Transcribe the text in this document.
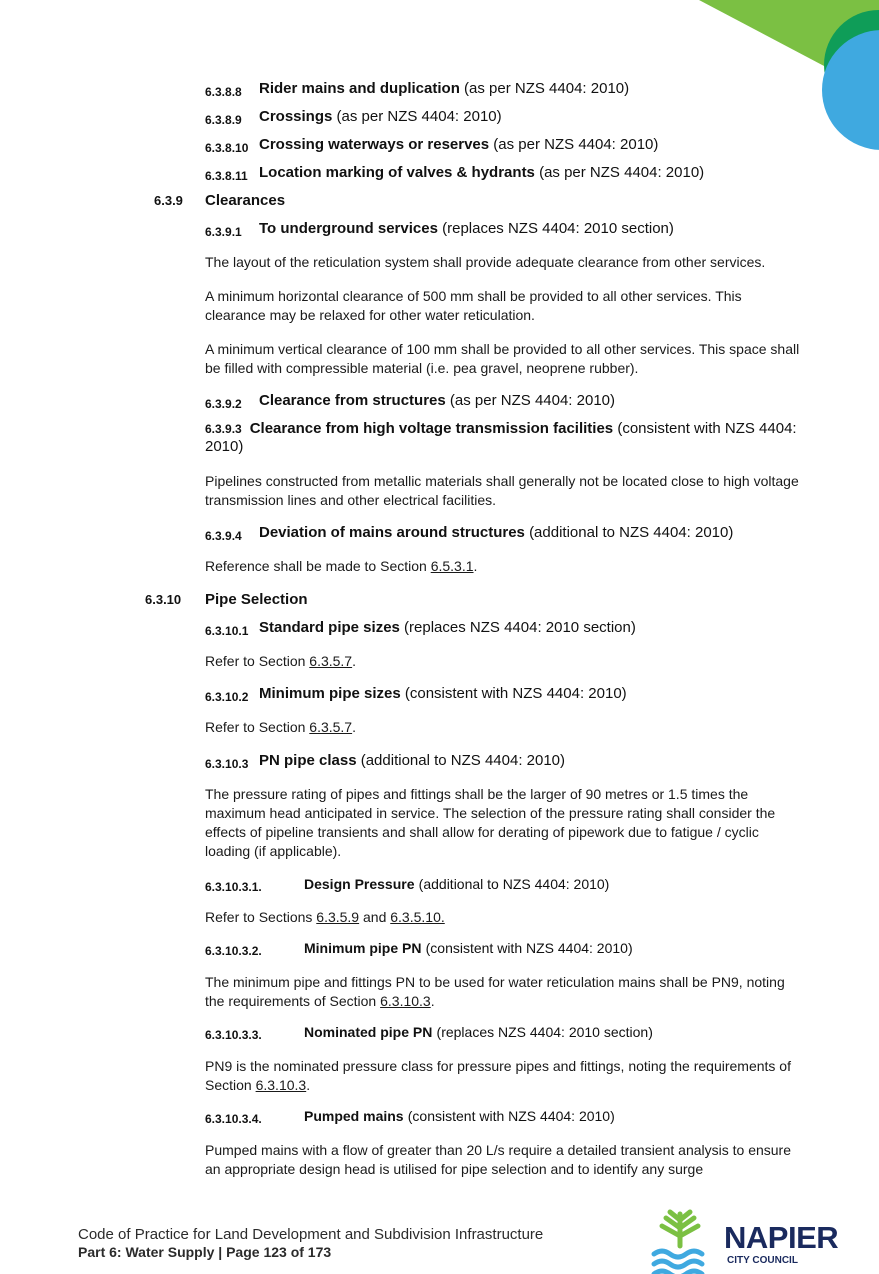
6.3.8.8 Rider mains and duplication (as per NZS 4404: 2010)
6.3.8.9 Crossings (as per NZS 4404: 2010)
6.3.8.10 Crossing waterways or reserves (as per NZS 4404: 2010)
6.3.8.11 Location marking of valves & hydrants (as per NZS 4404: 2010)
6.3.9 Clearances
6.3.9.1 To underground services (replaces NZS 4404: 2010 section)

The layout of the reticulation system shall provide adequate clearance from other services.

A minimum horizontal clearance of 500 mm shall be provided to all other services. This clearance may be relaxed for other water reticulation.

A minimum vertical clearance of 100 mm shall be provided to all other services. This space shall be filled with compressible material (i.e. pea gravel, neoprene rubber).

6.3.9.2 Clearance from structures (as per NZS 4404: 2010)
6.3.9.3 Clearance from high voltage transmission facilities (consistent with NZS 4404: 2010)

Pipelines constructed from metallic materials shall generally not be located close to high voltage transmission lines and other electrical facilities.

6.3.9.4 Deviation of mains around structures (additional to NZS 4404: 2010)

Reference shall be made to Section 6.5.3.1.

6.3.10 Pipe Selection
6.3.10.1 Standard pipe sizes (replaces NZS 4404: 2010 section)

Refer to Section 6.3.5.7.

6.3.10.2 Minimum pipe sizes (consistent with NZS 4404: 2010)

Refer to Section 6.3.5.7.

6.3.10.3 PN pipe class (additional to NZS 4404: 2010)

The pressure rating of pipes and fittings shall be the larger of 90 metres or 1.5 times the maximum head anticipated in service. The selection of the pressure rating shall consider the effects of pipeline transients and shall allow for derating of pipework due to fatigue / cyclic loading (if applicable).

6.3.10.3.1.	Design Pressure (additional to NZS 4404: 2010)

Refer to Sections 6.3.5.9 and 6.3.5.10.

6.3.10.3.2.	Minimum pipe PN (consistent with NZS 4404: 2010)

The minimum pipe and fittings PN to be used for water reticulation mains shall be PN9, noting the requirements of Section 6.3.10.3.

6.3.10.3.3.	Nominated pipe PN (replaces NZS 4404: 2010 section)

PN9 is the nominated pressure class for pressure pipes and fittings, noting the requirements of Section 6.3.10.3.

6.3.10.3.4.	Pumped mains (consistent with NZS 4404: 2010)

Pumped mains with a flow of greater than 20 L/s require a detailed transient analysis to ensure an appropriate design head is utilised for pipe selection and to identify any surge

Code of Practice for Land Development and Subdivision Infrastructure
Part 6: Water Supply | Page 123 of 173	NAPIER
CITY COUNCIL
